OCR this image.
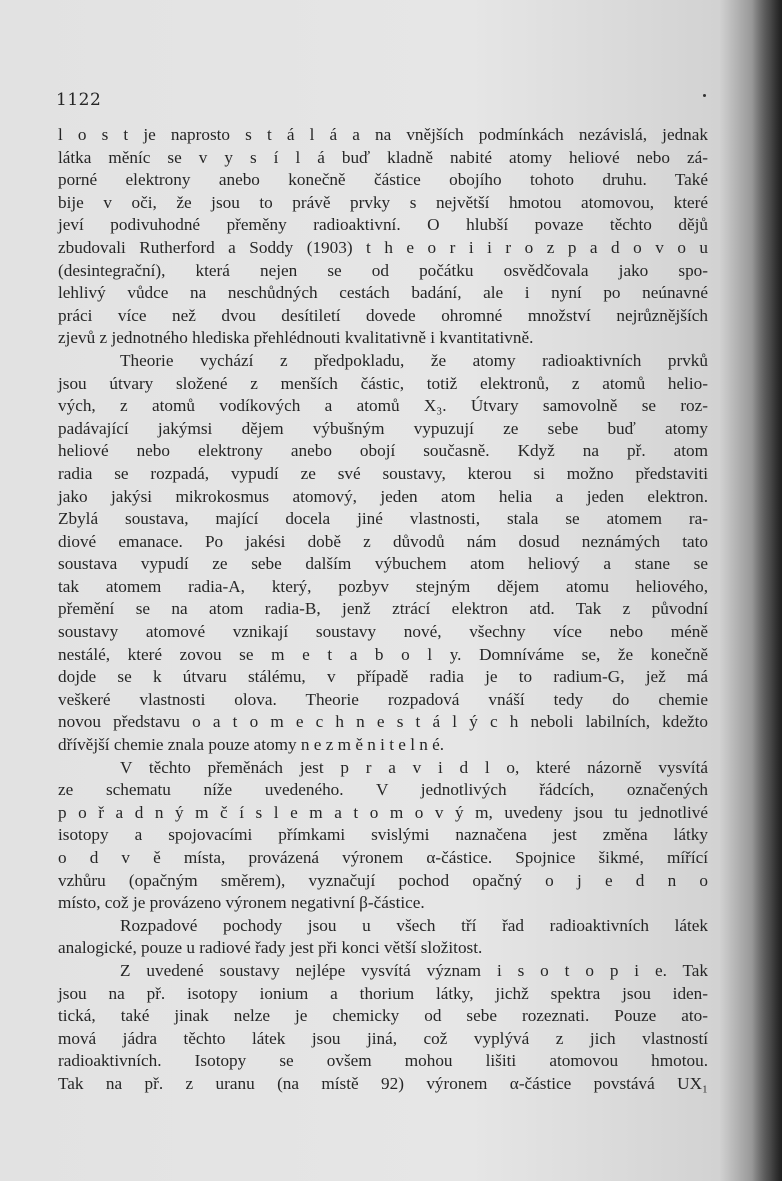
1122
l o s t je naprosto s t á l á a na vnějších podmínkách nezávislá, jednak
látka měníc se v y s í l á buď kladně nabité atomy heliové nebo zá-
porné elektrony anebo konečně částice obojího tohoto druhu. Také
bije v oči, že jsou to právě prvky s největší hmotou atomovou, které
jeví podivuhodné přeměny radioaktivní. O hlubší povaze těchto dějů
zbudovali Rutherford a Soddy (1903) t h e o r i i r o z p a d o v o u
(desintegrační), která nejen se od počátku osvědčovala jako spo-
lehlivý vůdce na neschůdných cestách badání, ale i nyní po neúnavné
práci více než dvou desítiletí dovede ohromné množství nejrůznějších
zjevů z jednotného hlediska přehlédnouti kvalitativně i kvantitativně.
Theorie vychází z předpokladu, že atomy radioaktivních prvků
jsou útvary složené z menších částic, totiž elektronů, z atomů helio-
vých, z atomů vodíkových a atomů X₃. Útvary samovolně se roz-
padávající jakýmsi dějem výbušným vypuzují ze sebe buď atomy
heliové nebo elektrony anebo obojí současně. Když na př. atom
radia se rozpadá, vypudí ze své soustavy, kterou si možno představiti
jako jakýsi mikrokosmus atomový, jeden atom helia a jeden elektron.
Zbylá soustava, mající docela jiné vlastnosti, stala se atomem ra-
diové emanace. Po jakési době z důvodů nám dosud neznámých tato
soustava vypudí ze sebe dalším výbuchem atom heliový a stane se
tak atomem radia-A, který, pozbyv stejným dějem atomu heliového,
přemění se na atom radia-B, jenž ztrácí elektron atd. Tak z původní
soustavy atomové vznikají soustavy nové, všechny více nebo méně
nestálé, které zovou se m e t a b o l y. Domníváme se, že konečně
dojde se k útvaru stálému, v případě radia je to radium-G, jež má
veškeré vlastnosti olova. Theorie rozpadová vnáší tedy do chemie
novou představu o a t o m e c h n e s t á l ý c h neboli labilních, kdežto
dřívější chemie znala pouze atomy n e z m ě n i t e l n é.
V těchto přeměnách jest p r a v i d l o, které názorně vysvítá
ze schematu níže uvedeného. V jednotlivých řádcích, označených
p o ř a d n ý m č í s l e m a t o m o v ý m, uvedeny jsou tu jednotlivé
isotopy a spojovacími přímkami svislými naznačena jest změna látky
o d v ě místa, provázená výronem α-částice. Spojnice šikmé, mířící
vzhůru (opačným směrem), vyznačují pochod opačný o j e d n o
místo, což je provázeno výronem negativní β-částice.
Rozpadové pochody jsou u všech tří řad radioaktivních látek
analogické, pouze u radiové řady jest při konci větší složitost.
Z uvedené soustavy nejlépe vysvítá význam i s o t o p i e. Tak
jsou na př. isotopy ionium a thorium látky, jichž spektra jsou iden-
tická, také jinak nelze je chemicky od sebe rozeznati. Pouze ato-
mová jádra těchto látek jsou jiná, což vyplývá z jich vlastností
radioaktivních. Isotopy se ovšem mohou lišiti atomovou hmotou.
Tak na př. z uranu (na místě 92) výronem α-částice povstává UX₁
